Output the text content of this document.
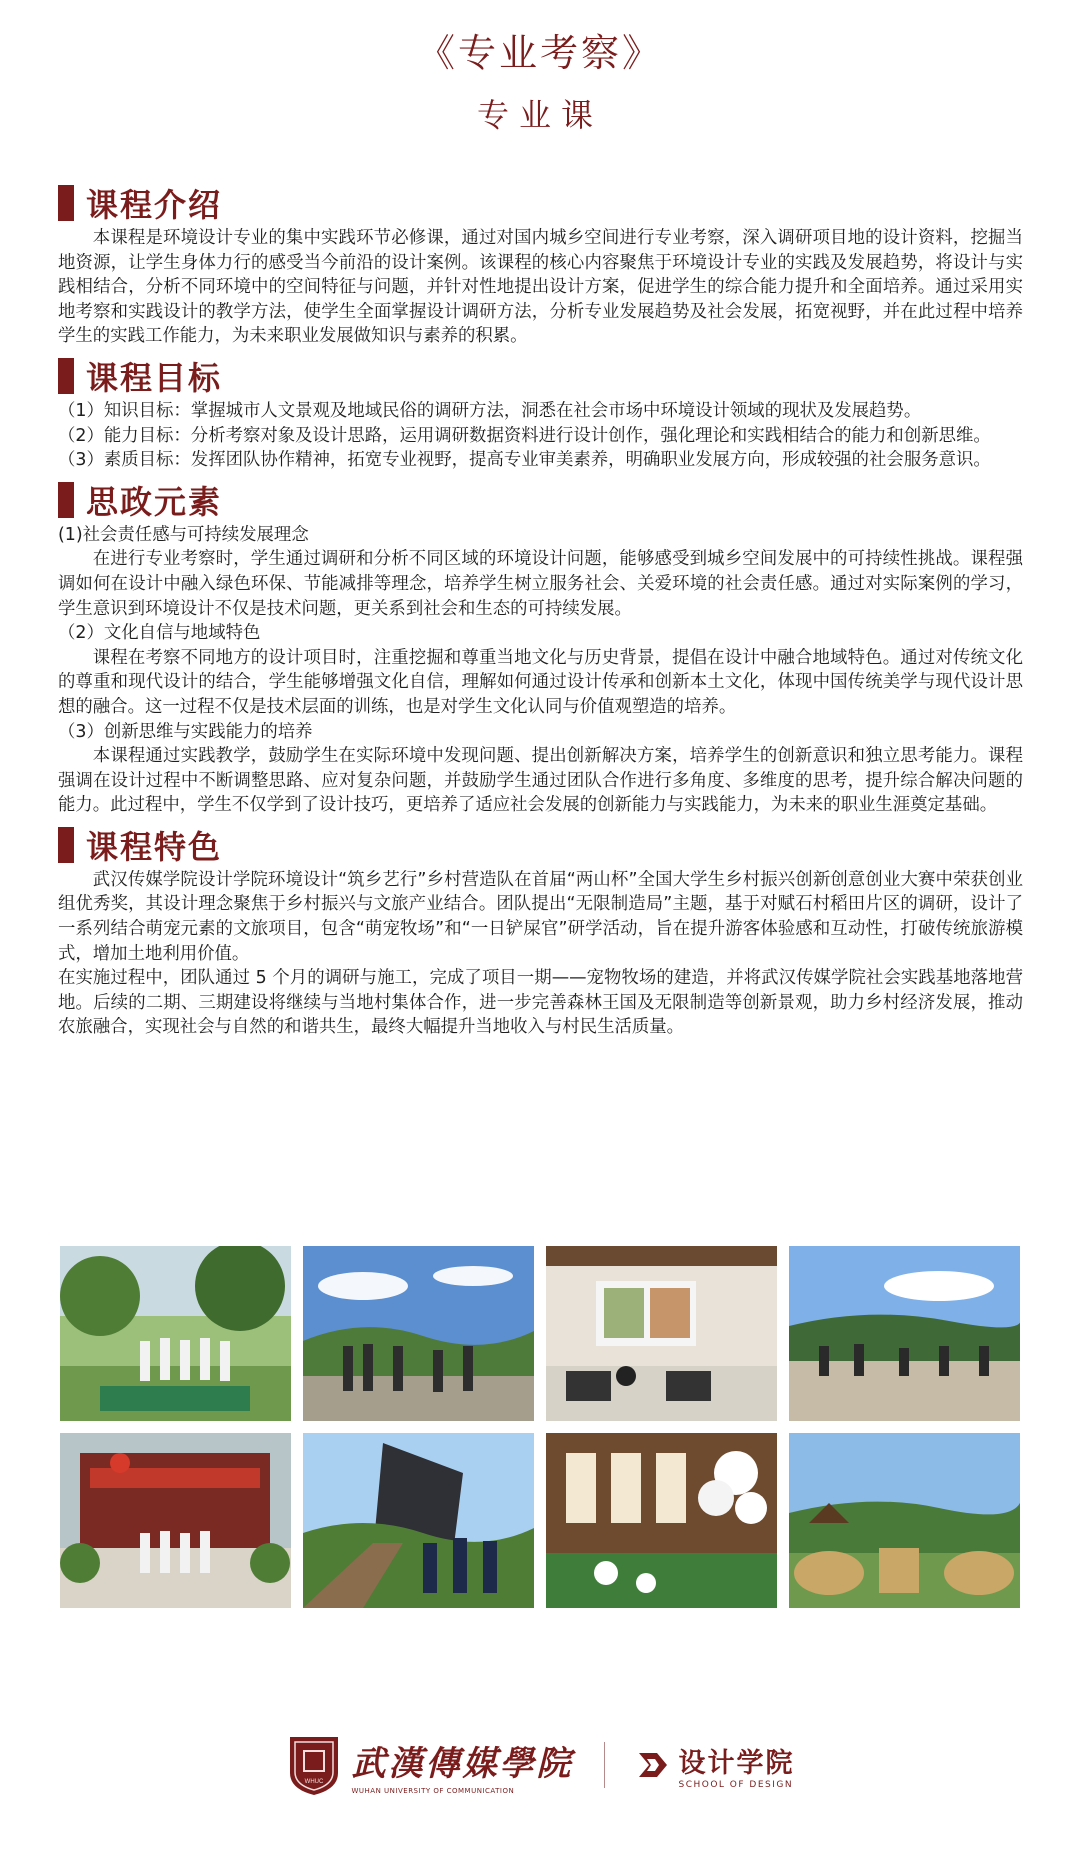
《专业考察》
专业课
课程介绍

本课程是环境设计专业的集中实践环节必修课，通过对国内城乡空间进行专业考察，深入调研项目地的设计资料，挖掘当地资源，让学生身体力行的感受当今前沿的设计案例。该课程的核心内容聚焦于环境设计专业的实践及发展趋势，将设计与实践相结合，分析不同环境中的空间特征与问题，并针对性地提出设计方案，促进学生的综合能力提升和全面培养。通过采用实地考察和实践设计的教学方法，使学生全面掌握设计调研方法，分析专业发展趋势及社会发展，拓宽视野，并在此过程中培养学生的实践工作能力，为未来职业发展做知识与素养的积累。

课程目标

（1）知识目标：掌握城市人文景观及地域民俗的调研方法，洞悉在社会市场中环境设计领域的现状及发展趋势。

（2）能力目标：分析考察对象及设计思路，运用调研数据资料进行设计创作，强化理论和实践相结合的能力和创新思维。

（3）素质目标：发挥团队协作精神，拓宽专业视野，提高专业审美素养，明确职业发展方向，形成较强的社会服务意识。

思政元素

(1)社会责任感与可持续发展理念

在进行专业考察时，学生通过调研和分析不同区域的环境设计问题，能够感受到城乡空间发展中的可持续性挑战。课程强调如何在设计中融入绿色环保、节能减排等理念，培养学生树立服务社会、关爱环境的社会责任感。通过对实际案例的学习，学生意识到环境设计不仅是技术问题，更关系到社会和生态的可持续发展。

（2）文化自信与地域特色

课程在考察不同地方的设计项目时，注重挖掘和尊重当地文化与历史背景，提倡在设计中融合地域特色。通过对传统文化的尊重和现代设计的结合，学生能够增强文化自信，理解如何通过设计传承和创新本土文化，体现中国传统美学与现代设计思想的融合。这一过程不仅是技术层面的训练，也是对学生文化认同与价值观塑造的培养。

（3）创新思维与实践能力的培养

本课程通过实践教学，鼓励学生在实际环境中发现问题、提出创新解决方案，培养学生的创新意识和独立思考能力。课程强调在设计过程中不断调整思路、应对复杂问题，并鼓励学生通过团队合作进行多角度、多维度的思考，提升综合解决问题的能力。此过程中，学生不仅学到了设计技巧，更培养了适应社会发展的创新能力与实践能力，为未来的职业生涯奠定基础。

课程特色

武汉传媒学院设计学院环境设计“筑乡艺行”乡村营造队在首届“两山杯”全国大学生乡村振兴创新创意创业大赛中荣获创业组优秀奖，其设计理念聚焦于乡村振兴与文旅产业结合。团队提出“无限制造局”主题，基于对赋石村稻田片区的调研，设计了一系列结合萌宠元素的文旅项目，包含“萌宠牧场”和“一日铲屎官”研学活动，旨在提升游客体验感和互动性，打破传统旅游模式，增加土地利用价值。

在实施过程中，团队通过 5 个月的调研与施工，完成了项目一期——宠物牧场的建造，并将武汉传媒学院社会实践基地落地营地。后续的二期、三期建设将继续与当地村集体合作，进一步完善森林王国及无限制造等创新景观，助力乡村经济发展，推动农旅融合，实现社会与自然的和谐共生，最终大幅提升当地收入与村民生活质量。

WHUC 武漢傳媒學院
WUHAN UNIVERSITY OF COMMUNICATION
设计学院
SCHOOL OF DESIGN
